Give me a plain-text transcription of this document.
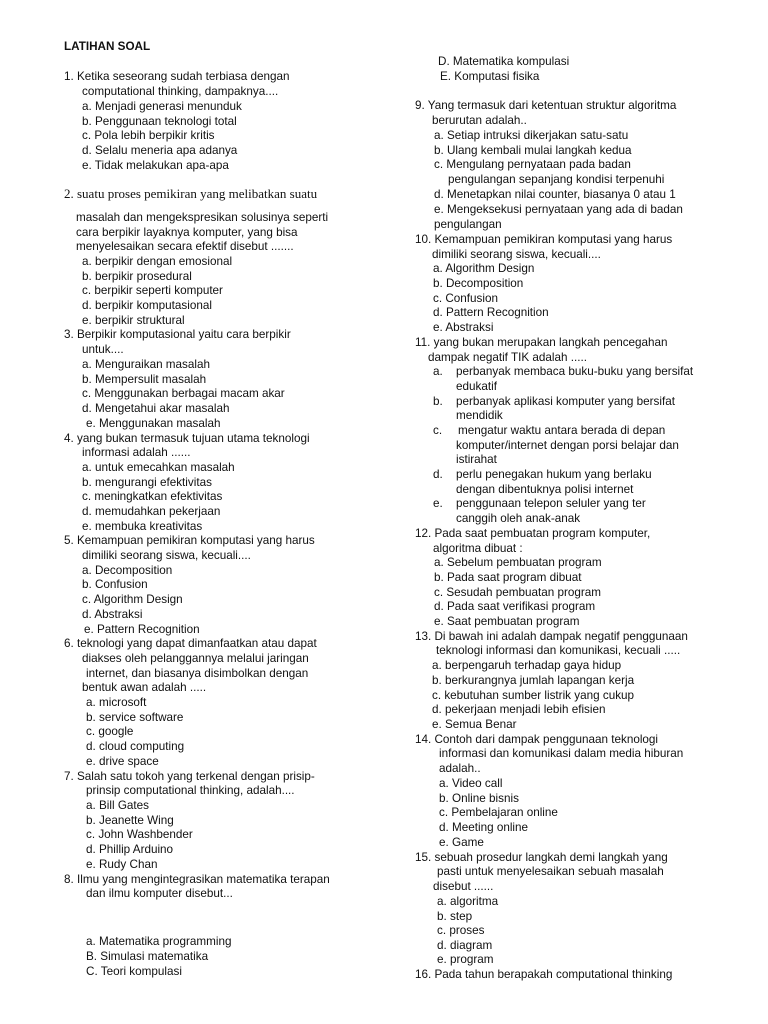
LATIHAN SOAL
1. Ketika seseorang sudah terbiasa dengan
computational thinking, dampaknya....
a. Menjadi generasi menunduk
b. Penggunaan teknologi total
c. Pola lebih berpikir kritis
d. Selalu meneria apa adanya
e. Tidak melakukan apa-apa
2. suatu proses pemikiran yang melibatkan suatu
masalah dan mengekspresikan solusinya seperti
cara berpikir layaknya komputer, yang bisa
menyelesaikan secara efektif disebut .......
a. berpikir dengan emosional
b. berpikir prosedural
c. berpikir seperti komputer
d. berpikir komputasional
e. berpikir struktural
3. Berpikir komputasional yaitu cara berpikir
untuk....
a. Menguraikan masalah
b. Mempersulit masalah
c. Menggunakan berbagai macam akar
d. Mengetahui akar masalah
e. Menggunakan masalah
4. yang bukan termasuk tujuan utama teknologi
informasi adalah ......
a. untuk emecahkan masalah
b. mengurangi efektivitas
c. meningkatkan efektivitas
d. memudahkan pekerjaan
e. membuka kreativitas
5. Kemampuan pemikiran komputasi yang harus
dimiliki seorang siswa, kecuali....
a. Decomposition
b. Confusion
c. Algorithm Design
d. Abstraksi
e. Pattern Recognition
6. teknologi yang dapat dimanfaatkan atau dapat
diakses oleh pelanggannya melalui jaringan
internet, dan biasanya disimbolkan dengan
bentuk awan adalah .....
a. microsoft
b. service software
c. google
d. cloud computing
e. drive space
7. Salah satu tokoh yang terkenal dengan prisip-
prinsip computational thinking, adalah....
a. Bill Gates
b. Jeanette Wing
c. John Washbender
d. Phillip Arduino
e. Rudy Chan
8. Ilmu yang mengintegrasikan matematika terapan
dan ilmu komputer disebut...
a. Matematika programming
B. Simulasi matematika
C. Teori kompulasi
D. Matematika kompulasi
E. Komputasi fisika
9. Yang termasuk dari ketentuan struktur algoritma
berurutan adalah..
a. Setiap intruksi dikerjakan satu-satu
b. Ulang kembali mulai langkah kedua
c. Mengulang pernyataan pada badan
pengulangan sepanjang kondisi terpenuhi
d. Menetapkan nilai counter, biasanya 0 atau 1
e. Mengeksekusi pernyataan yang ada di badan
pengulangan
10. Kemampuan pemikiran komputasi yang harus
dimiliki seorang siswa, kecuali....
a. Algorithm Design
b. Decomposition
c. Confusion
d. Pattern Recognition
e. Abstraksi
11. yang bukan merupakan langkah pencegahan
dampak negatif TIK adalah .....
a. perbanyak membaca buku-buku yang bersifat
edukatif
b. perbanyak aplikasi komputer yang bersifat
mendidik
c. mengatur waktu antara berada di depan
komputer/internet dengan porsi belajar dan
istirahat
d. perlu penegakan hukum yang berlaku
dengan dibentuknya polisi internet
e. penggunaan telepon seluler yang ter
canggih oleh anak-anak
12. Pada saat pembuatan program komputer,
algoritma dibuat :
a. Sebelum pembuatan program
b. Pada saat program dibuat
c. Sesudah pembuatan program
d. Pada saat verifikasi program
e. Saat pembuatan program
13. Di bawah ini adalah dampak negatif penggunaan
teknologi informasi dan komunikasi, kecuali .....
a. berpengaruh terhadap gaya hidup
b. berkurangnya jumlah lapangan kerja
c. kebutuhan sumber listrik yang cukup
d. pekerjaan menjadi lebih efisien
e. Semua Benar
14. Contoh dari dampak penggunaan teknologi
informasi dan komunikasi dalam media hiburan
adalah..
a. Video call
b. Online bisnis
c. Pembelajaran online
d. Meeting online
e. Game
15. sebuah prosedur langkah demi langkah yang
pasti untuk menyelesaikan sebuah masalah
disebut ......
a. algoritma
b. step
c. proses
d. diagram
e. program
16. Pada tahun berapakah computational thinking
